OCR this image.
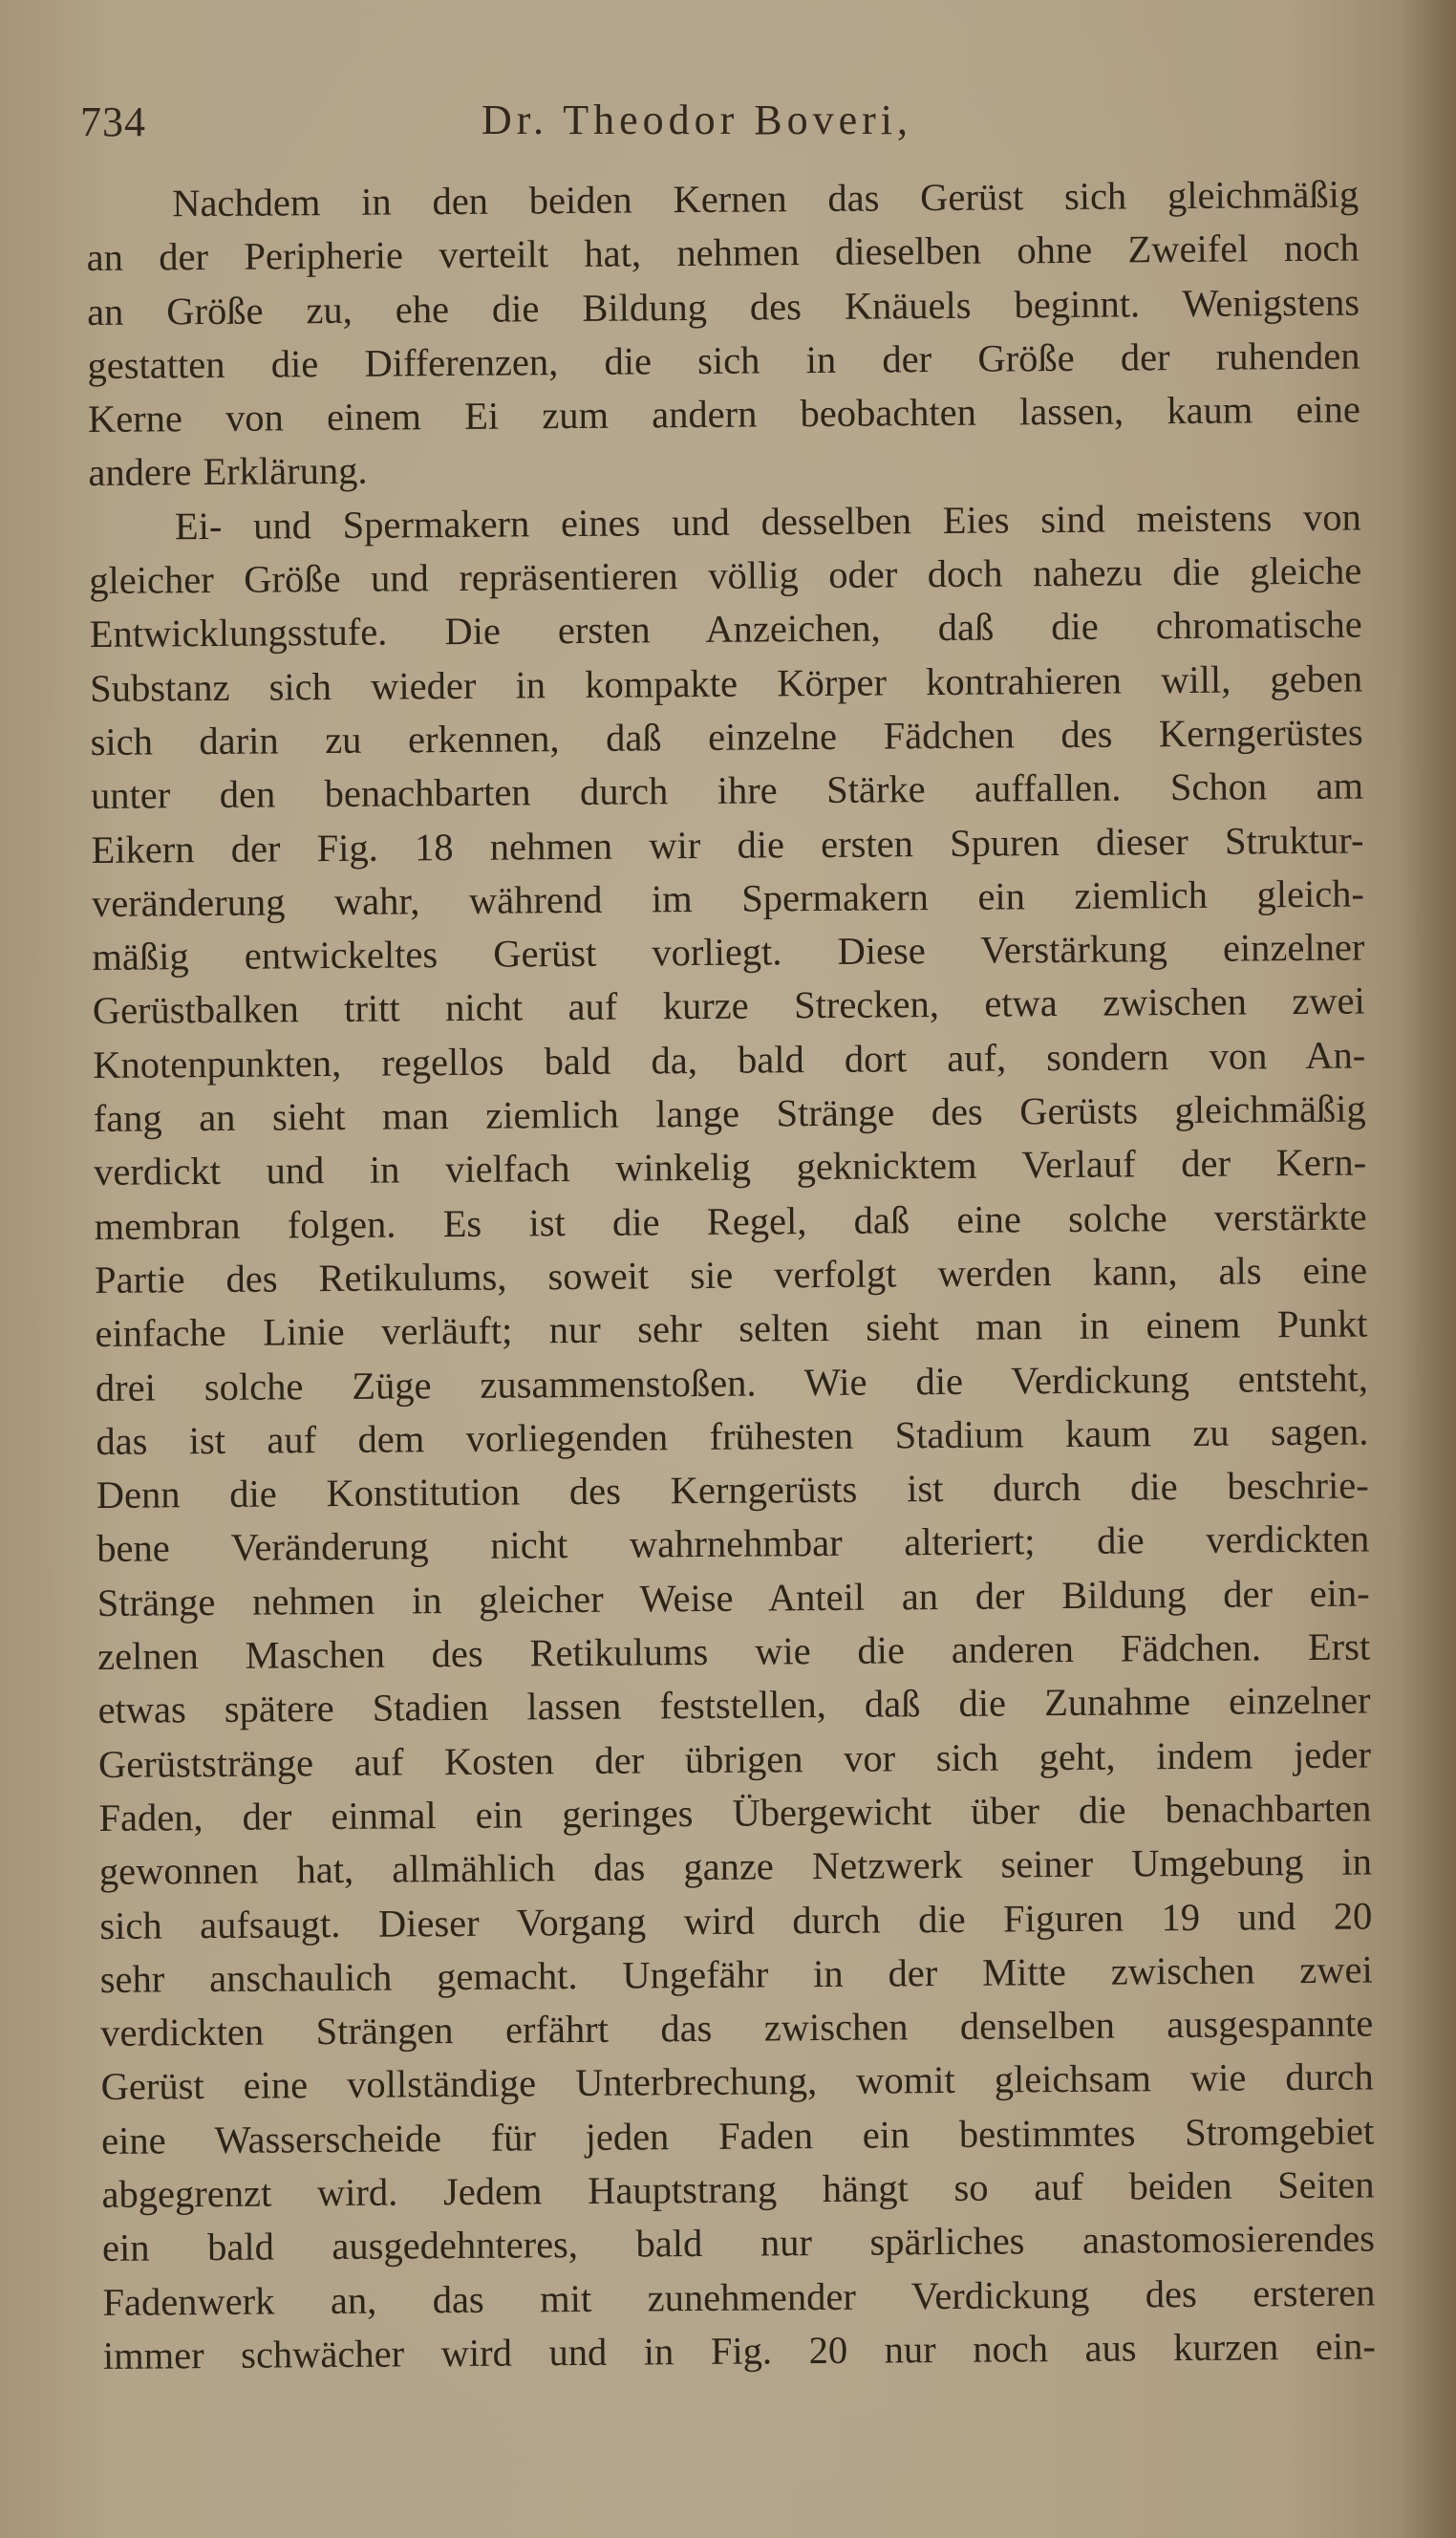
734	Dr. Theodor Boveri,
Nachdem in den beiden Kernen das Gerüst sich gleichmäßig
an der Peripherie verteilt hat, nehmen dieselben ohne Zweifel noch
an Größe zu, ehe die Bildung des Knäuels beginnt. Wenigstens
gestatten die Differenzen, die sich in der Größe der ruhenden
Kerne von einem Ei zum andern beobachten lassen, kaum eine
andere Erklärung.
Ei- und Spermakern eines und desselben Eies sind meistens von
gleicher Größe und repräsentieren völlig oder doch nahezu die gleiche
Entwicklungsstufe. Die ersten Anzeichen, daß die chromatische
Substanz sich wieder in kompakte Körper kontrahieren will, geben
sich darin zu erkennen, daß einzelne Fädchen des Kerngerüstes
unter den benachbarten durch ihre Stärke auffallen. Schon am
Eikern der Fig. 18 nehmen wir die ersten Spuren dieser Struktur-
veränderung wahr, während im Spermakern ein ziemlich gleich-
mäßig entwickeltes Gerüst vorliegt. Diese Verstärkung einzelner
Gerüstbalken tritt nicht auf kurze Strecken, etwa zwischen zwei
Knotenpunkten, regellos bald da, bald dort auf, sondern von An-
fang an sieht man ziemlich lange Stränge des Gerüsts gleichmäßig
verdickt und in vielfach winkelig geknicktem Verlauf der Kern-
membran folgen. Es ist die Regel, daß eine solche verstärkte
Partie des Retikulums, soweit sie verfolgt werden kann, als eine
einfache Linie verläuft; nur sehr selten sieht man in einem Punkt
drei solche Züge zusammenstoßen. Wie die Verdickung entsteht,
das ist auf dem vorliegenden frühesten Stadium kaum zu sagen.
Denn die Konstitution des Kerngerüsts ist durch die beschrie-
bene Veränderung nicht wahrnehmbar alteriert; die verdickten
Stränge nehmen in gleicher Weise Anteil an der Bildung der ein-
zelnen Maschen des Retikulums wie die anderen Fädchen. Erst
etwas spätere Stadien lassen feststellen, daß die Zunahme einzelner
Gerüststränge auf Kosten der übrigen vor sich geht, indem jeder
Faden, der einmal ein geringes Übergewicht über die benachbarten
gewonnen hat, allmählich das ganze Netzwerk seiner Umgebung in
sich aufsaugt. Dieser Vorgang wird durch die Figuren 19 und 20
sehr anschaulich gemacht. Ungefähr in der Mitte zwischen zwei
verdickten Strängen erfährt das zwischen denselben ausgespannte
Gerüst eine vollständige Unterbrechung, womit gleichsam wie durch
eine Wasserscheide für jeden Faden ein bestimmtes Stromgebiet
abgegrenzt wird. Jedem Hauptstrang hängt so auf beiden Seiten
ein bald ausgedehnteres, bald nur spärliches anastomosierendes
Fadenwerk an, das mit zunehmender Verdickung des ersteren
immer schwächer wird und in Fig. 20 nur noch aus kurzen ein-
